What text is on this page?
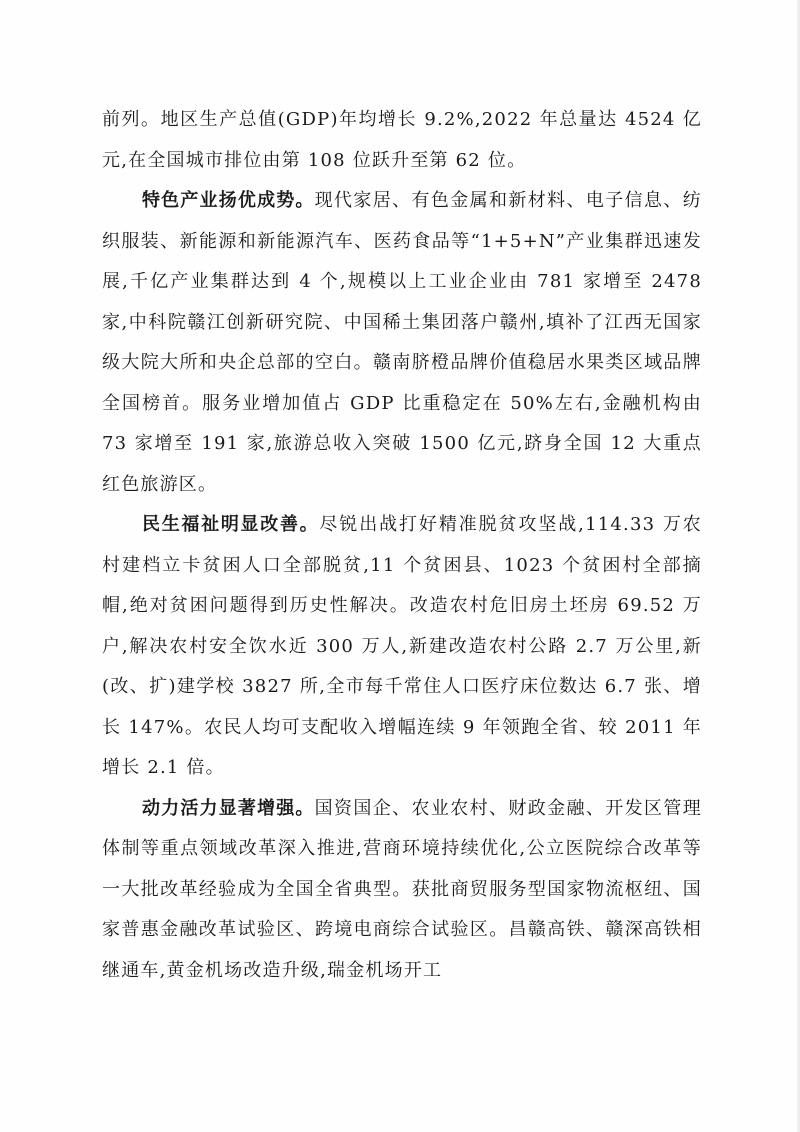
前列。地区生产总值(GDP)年均增长 9.2%,2022 年总量达 4524 亿元,在全国城市排位由第 108 位跃升至第 62 位。

特色产业扬优成势。现代家居、有色金属和新材料、电子信息、纺织服装、新能源和新能源汽车、医药食品等“1+5+N”产业集群迅速发展,千亿产业集群达到 4 个,规模以上工业企业由 781 家增至 2478 家,中科院赣江创新研究院、中国稀土集团落户赣州,填补了江西无国家级大院大所和央企总部的空白。赣南脐橙品牌价值稳居水果类区域品牌全国榜首。服务业增加值占 GDP 比重稳定在 50%左右,金融机构由 73 家增至 191 家,旅游总收入突破 1500 亿元,跻身全国 12 大重点红色旅游区。

民生福祉明显改善。尽锐出战打好精准脱贫攻坚战,114.33 万农村建档立卡贫困人口全部脱贫,11 个贫困县、1023 个贫困村全部摘帽,绝对贫困问题得到历史性解决。改造农村危旧房土坯房 69.52 万户,解决农村安全饮水近 300 万人,新建改造农村公路 2.7 万公里,新(改、扩)建学校 3827 所,全市每千常住人口医疗床位数达 6.7 张、增长 147%。农民人均可支配收入增幅连续 9 年领跑全省、较 2011 年增长 2.1 倍。

动力活力显著增强。国资国企、农业农村、财政金融、开发区管理体制等重点领域改革深入推进,营商环境持续优化,公立医院综合改革等一大批改革经验成为全国全省典型。获批商贸服务型国家物流枢纽、国家普惠金融改革试验区、跨境电商综合试验区。昌赣高铁、赣深高铁相继通车,黄金机场改造升级,瑞金机场开工
